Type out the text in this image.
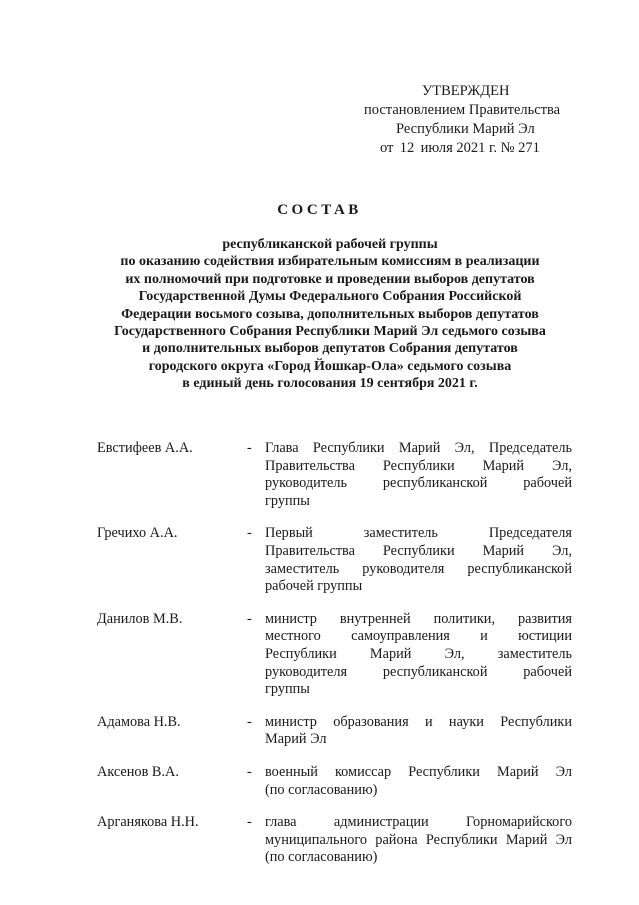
УТВЕРЖДЕН
постановлением Правительства
Республики Марий Эл
от 12 июля 2021 г. № 271
СОСТАВ
республиканской рабочей группы
по оказанию содействия избирательным комиссиям в реализации
их полномочий при подготовке и проведении выборов депутатов
Государственной Думы Федерального Собрания Российской
Федерации восьмого созыва, дополнительных выборов депутатов
Государственного Собрания Республики Марий Эл седьмого созыва
и дополнительных выборов депутатов Собрания депутатов
городского округа «Город Йошкар-Ола» седьмого созыва
в единый день голосования 19 сентября 2021 г.
Евстифеев А.А.	- Глава Республики Марий Эл, Председатель
Правительства Республики Марий Эл,
руководитель республиканской рабочей
группы
Гречихо А.А.	- Первый заместитель Председателя
Правительства Республики Марий Эл,
заместитель руководителя республиканской
рабочей группы
Данилов М.В.	- министр внутренней политики, развития
местного самоуправления и юстиции
Республики Марий Эл, заместитель
руководителя республиканской рабочей
группы
Адамова Н.В.	- министр образования и науки Республики
Марий Эл
Аксенов В.А.	- военный комиссар Республики Марий Эл
(по согласованию)
Арганякова Н.Н.	- глава администрации Горномарийского
муниципального района Республики Марий Эл
(по согласованию)
